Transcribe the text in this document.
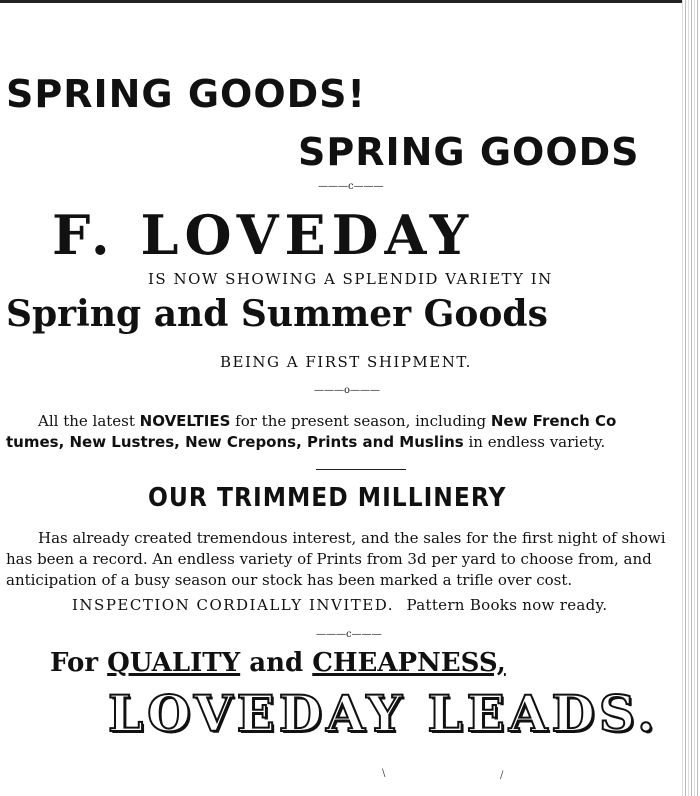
SPRING GOODS!
SPRING GOODS
———c———
F. LOVEDAY
IS NOW SHOWING A SPLENDID VARIETY IN
Spring and Summer Goods
BEING A FIRST SHIPMENT.
———o———
All the latest NOVELTIES for the present season, including New French Co
tumes, New Lustres, New Crepons, Prints and Muslins in endless variety.
OUR TRIMMED MILLINERY
Has already created tremendous interest, and the sales for the first night of showi has been a record. An endless variety of Prints from 3d per yard to choose from, and anticipation of a busy season our stock has been marked a trifle over cost.
INSPECTION CORDIALLY INVITED. Pattern Books now ready.
———c———
For QUALITY and CHEAPNESS,
LOVEDAY LEADS.
\	/
